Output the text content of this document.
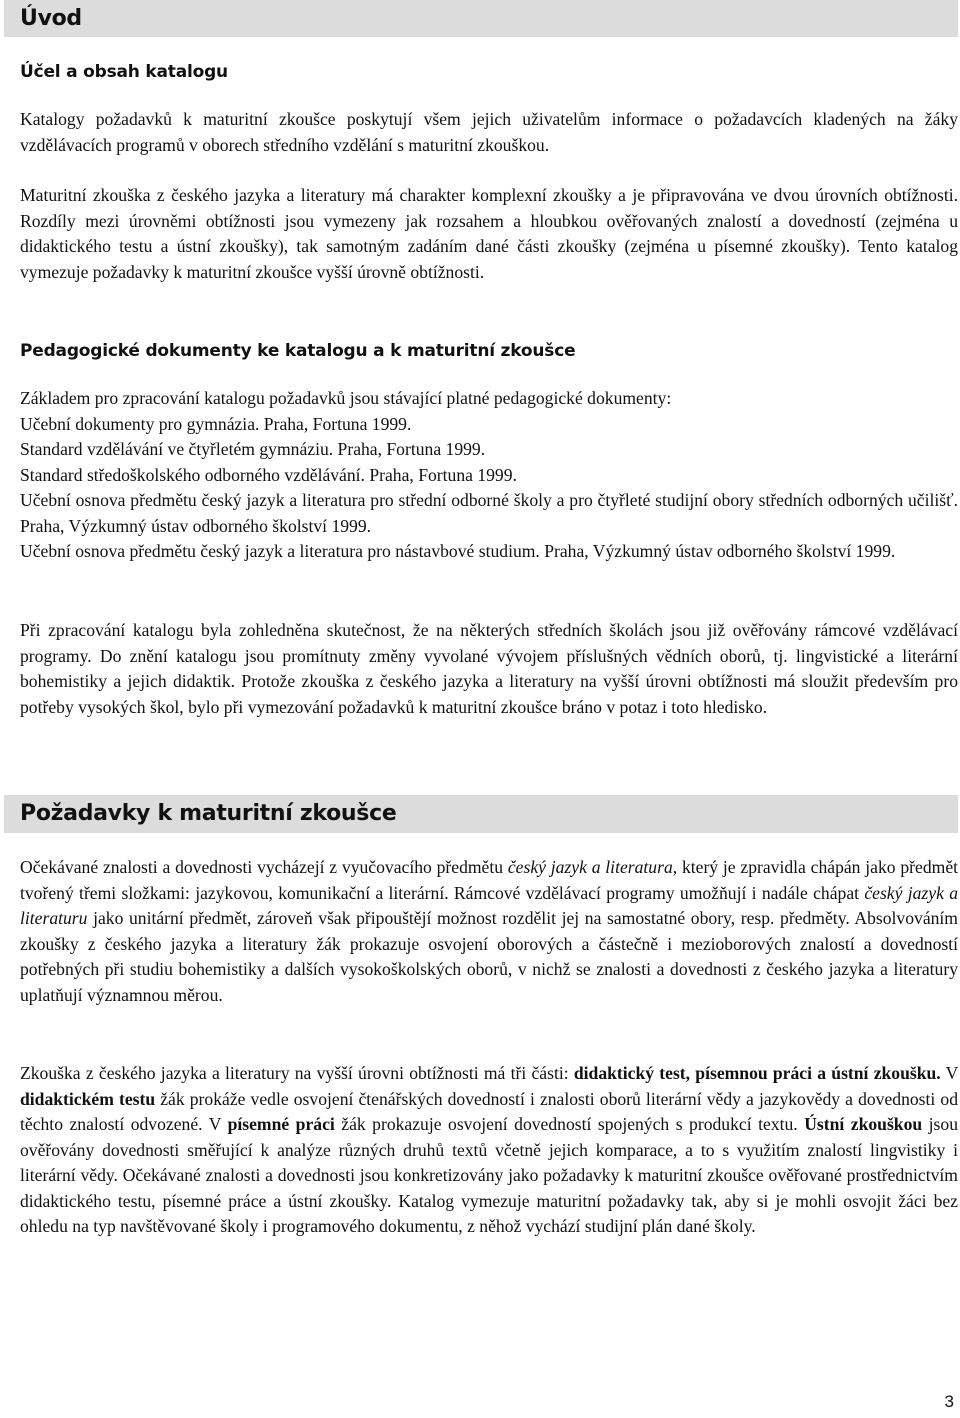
Úvod
Účel a obsah katalogu

Katalogy požadavků k maturitní zkoušce poskytují všem jejich uživatelům informace o požadavcích kladených na žáky vzdělávacích programů v oborech středního vzdělání s maturitní zkouškou.

Maturitní zkouška z českého jazyka a literatury má charakter komplexní zkoušky a je připravována ve dvou úrovních obtížnosti. Rozdíly mezi úrovněmi obtížnosti jsou vymezeny jak rozsahem a hloubkou ověřovaných znalostí a dovedností (zejména u didaktického testu a ústní zkoušky), tak samotným zadáním dané části zkoušky (zejména u písemné zkoušky). Tento katalog vymezuje požadavky k maturitní zkoušce vyšší úrovně obtížnosti.

Pedagogické dokumenty ke katalogu a k maturitní zkoušce

Základem pro zpracování katalogu požadavků jsou stávající platné pedagogické dokumenty:

Učební dokumenty pro gymnázia. Praha, Fortuna 1999.

Standard vzdělávání ve čtyřletém gymnáziu. Praha, Fortuna 1999.

Standard středoškolského odborného vzdělávání. Praha, Fortuna 1999.

Učební osnova předmětu český jazyk a literatura pro střední odborné školy a pro čtyřleté studijní obory středních odborných učilišť. Praha, Výzkumný ústav odborného školství 1999.

Učební osnova předmětu český jazyk a literatura pro nástavbové studium. Praha, Výzkumný ústav odborného školství 1999.

Při zpracování katalogu byla zohledněna skutečnost, že na některých středních školách jsou již ověřovány rámcové vzdělávací programy. Do znění katalogu jsou promítnuty změny vyvolané vývojem příslušných vědních oborů, tj. lingvistické a literární bohemistiky a jejich didaktik. Protože zkouška z českého jazyka a literatury na vyšší úrovni obtížnosti má sloužit především pro potřeby vysokých škol, bylo při vymezování požadavků k maturitní zkoušce bráno v potaz i toto hledisko.

Požadavky k maturitní zkoušce

Očekávané znalosti a dovednosti vycházejí z vyučovacího předmětu český jazyk a literatura, který je zpravidla chápán jako předmět tvořený třemi složkami: jazykovou, komunikační a literární. Rámcové vzdělávací programy umožňují i nadále chápat český jazyk a literaturu jako unitární předmět, zároveň však připouštějí možnost rozdělit jej na samostatné obory, resp. předměty. Absolvováním zkoušky z českého jazyka a literatury žák prokazuje osvojení oborových a částečně i mezioborových znalostí a dovedností potřebných při studiu bohemistiky a dalších vysokoškolských oborů, v nichž se znalosti a dovednosti z českého jazyka a literatury uplatňují významnou měrou.

Zkouška z českého jazyka a literatury na vyšší úrovni obtížnosti má tři části: didaktický test, písemnou práci a ústní zkoušku. V didaktickém testu žák prokáže vedle osvojení čtenářských dovedností i znalosti oborů literární vědy a jazykovědy a dovednosti od těchto znalostí odvozené. V písemné práci žák prokazuje osvojení dovedností spojených s produkcí textu. Ústní zkouškou jsou ověřovány dovednosti směřující k analýze různých druhů textů včetně jejich komparace, a to s využitím znalostí lingvistiky i literární vědy. Očekávané znalosti a dovednosti jsou konkretizovány jako požadavky k maturitní zkoušce ověřované prostřednictvím didaktického testu, písemné práce a ústní zkoušky. Katalog vymezuje maturitní požadavky tak, aby si je mohli osvojit žáci bez ohledu na typ navštěvované školy i programového dokumentu, z něhož vychází studijní plán dané školy.

3
